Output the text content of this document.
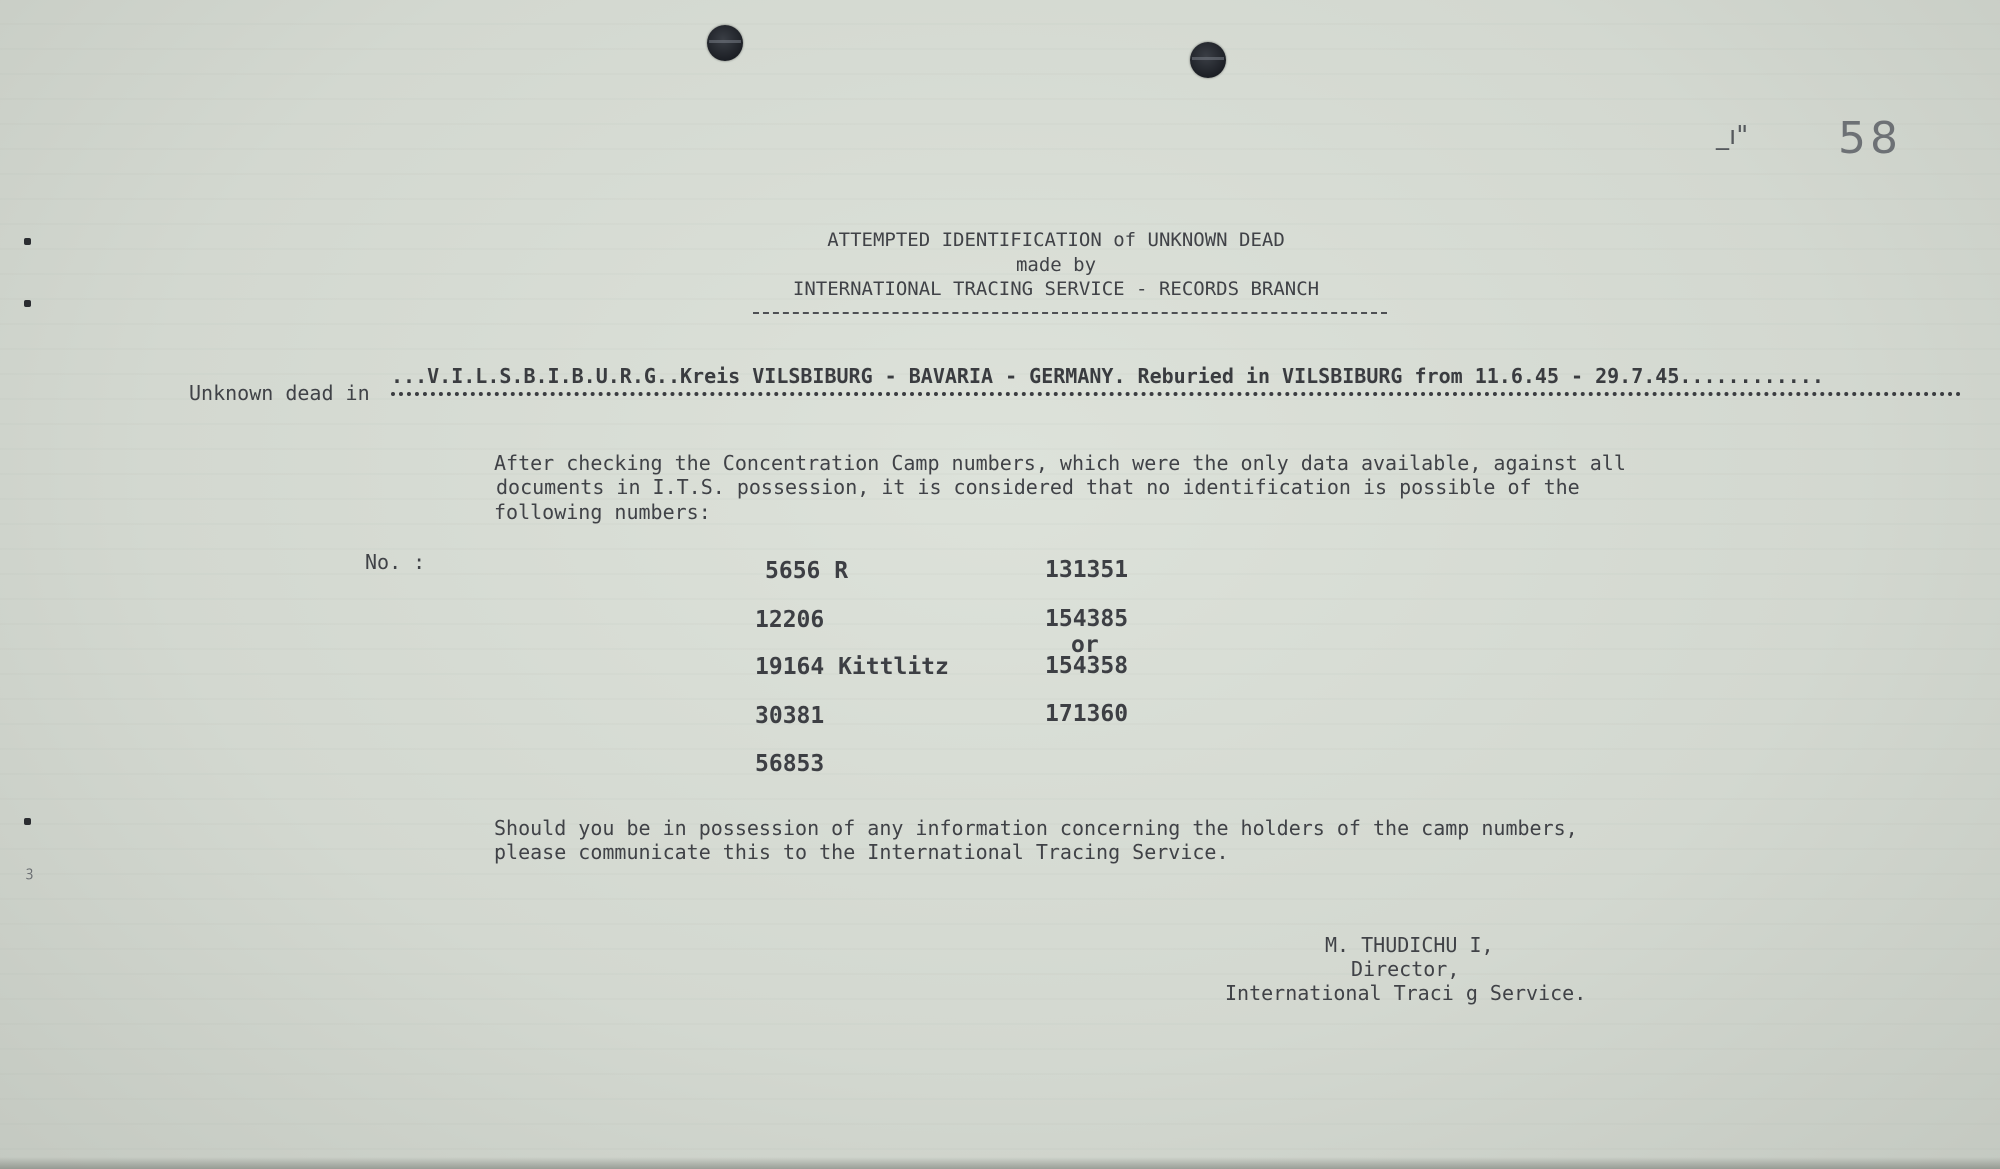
ꝫ
_ı" 58
ATTEMPTED IDENTIFICATION of UNKNOWN DEAD
made by
INTERNATIONAL TRACING SERVICE - RECORDS BRANCH
Unknown dead in
...V.I.L.S.B.I.B.U.R.G..Kreis VILSBIBURG - BAVARIA - GERMANY. Reburied in VILSBIBURG from 11.6.45 - 29.7.45............
After checking the Concentration Camp numbers, which were the only data available, against all
documents in I.T.S. possession, it is considered that no identification is possible of the
following numbers:
No. :	5656 R
12206
19164 Kittlitz
30381
56853
131351
154385
or
154358
171360
Should you be in possession of any information concerning the holders of the camp numbers,
please communicate this to the International Tracing Service.
M. THUDICHU I,
Director,
International Traci g Service.
